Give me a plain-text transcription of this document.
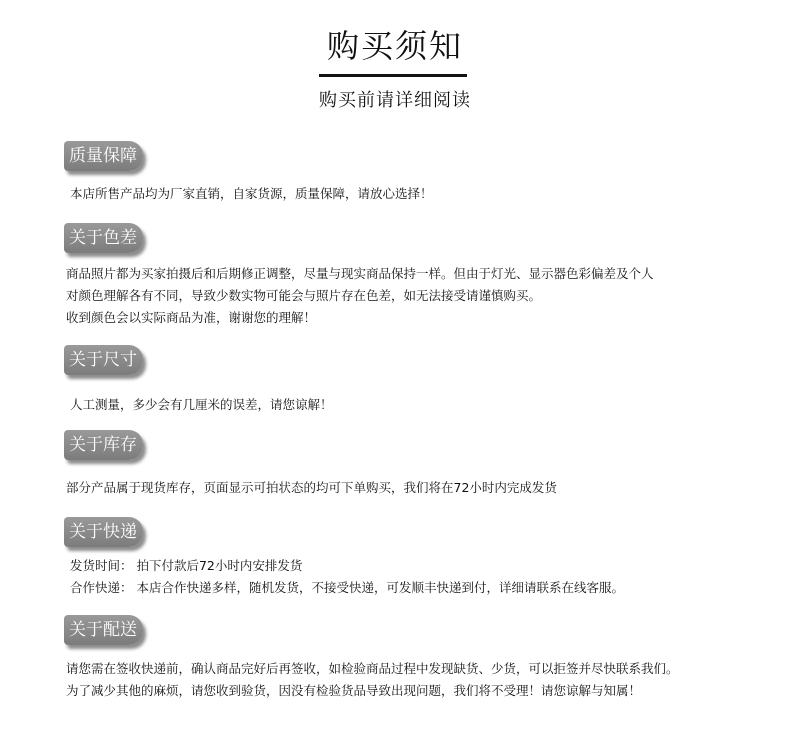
购买须知
购买前请详细阅读
质量保障
本店所售产品均为厂家直销，自家货源，质量保障，请放心选择！
关于色差
商品照片都为买家拍摄后和后期修正调整，尽量与现实商品保持一样。但由于灯光、显示器色彩偏差及个人
对颜色理解各有不同，导致少数实物可能会与照片存在色差，如无法接受请谨慎购买。
收到颜色会以实际商品为准，谢谢您的理解！
关于尺寸
人工测量，多少会有几厘米的误差，请您谅解！
关于库存
部分产品属于现货库存，页面显示可拍状态的均可下单购买，我们将在72小时内完成发货
关于快递
发货时间： 拍下付款后72小时内安排发货
合作快递： 本店合作快递多样，随机发货，不接受快递，可发顺丰快递到付，详细请联系在线客服。
关于配送
请您需在签收快递前，确认商品完好后再签收，如检验商品过程中发现缺货、少货，可以拒签并尽快联系我们。
为了减少其他的麻烦，请您收到验货，因没有检验货品导致出现问题，我们将不受理！请您谅解与知属！
